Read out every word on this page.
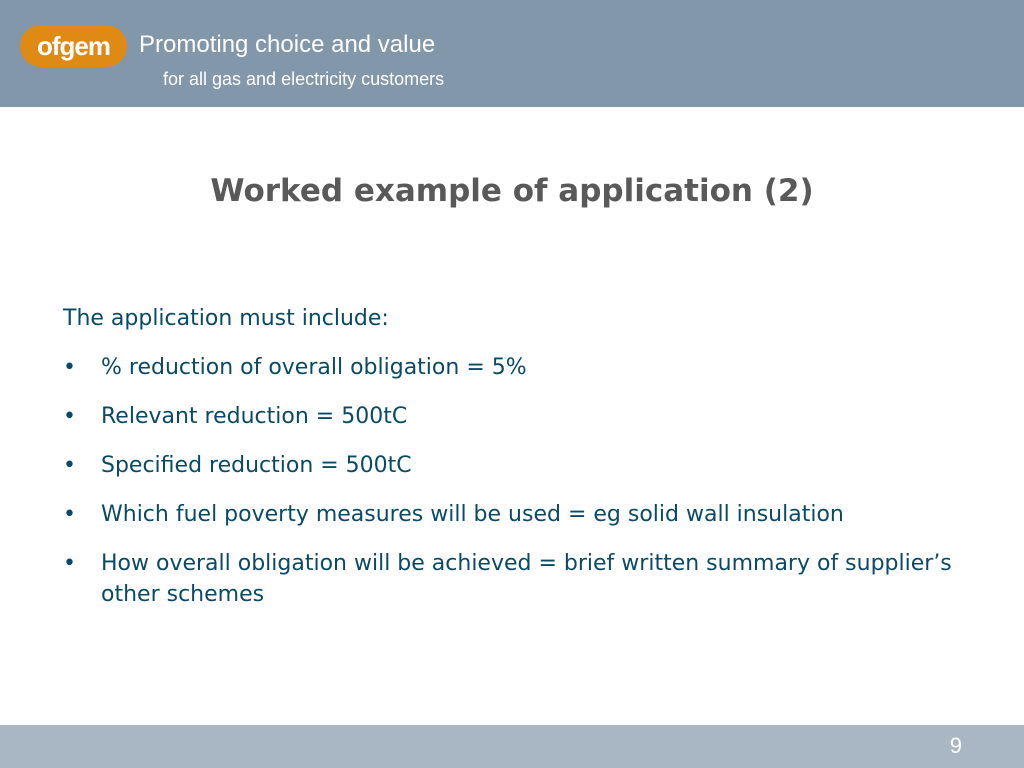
ofgem Promoting choice and value
for all gas and electricity customers
Worked example of application (2)

The application must include:

• % reduction of overall obligation = 5%
• Relevant reduction = 500tC
• Specified reduction = 500tC
• Which fuel poverty measures will be used = eg solid wall insulation
• How overall obligation will be achieved = brief written summary of supplier’s other schemes
9
